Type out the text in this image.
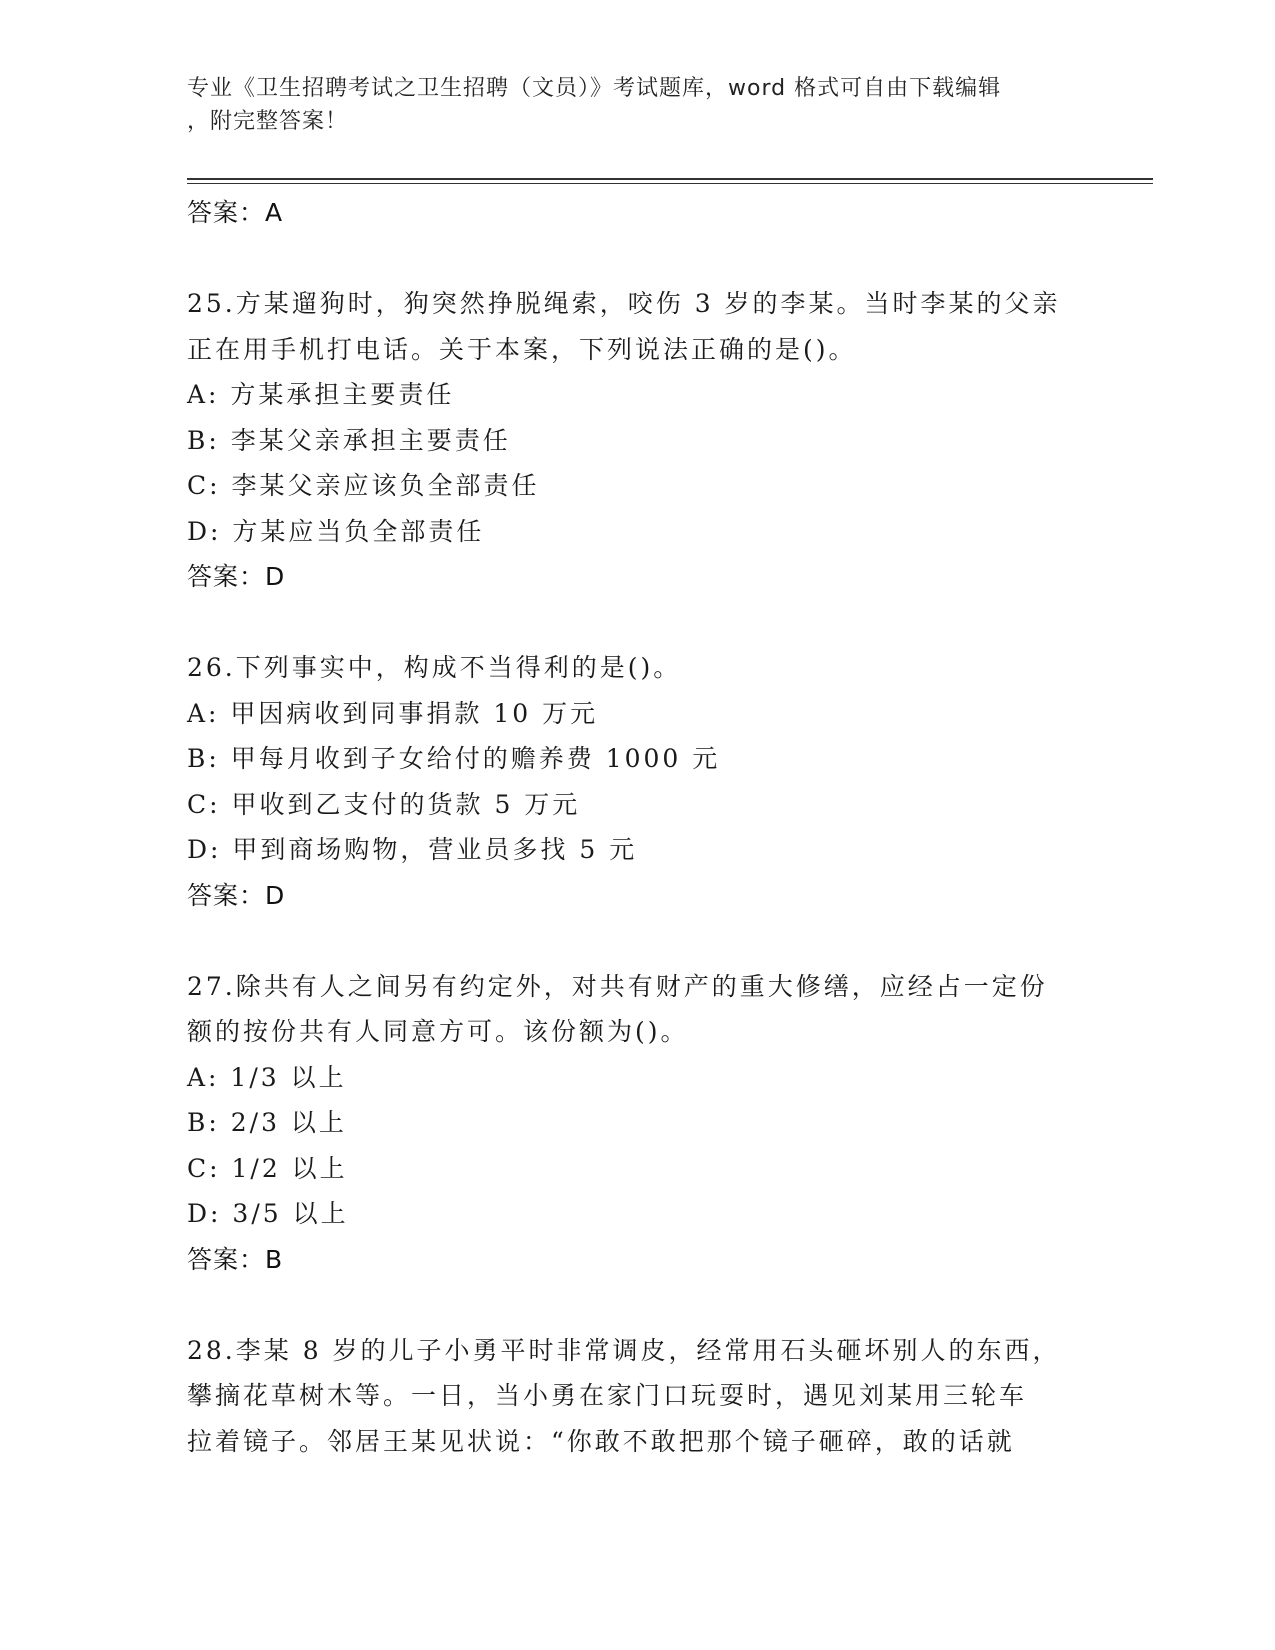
专业《卫生招聘考试之卫生招聘（文员）》考试题库，word 格式可自由下载编辑
，附完整答案！
答案：A
25.方某遛狗时，狗突然挣脱绳索，咬伤 3 岁的李某。当时李某的父亲
正在用手机打电话。关于本案，下列说法正确的是()。
A: 方某承担主要责任
B: 李某父亲承担主要责任
C: 李某父亲应该负全部责任
D: 方某应当负全部责任
答案：D
26.下列事实中，构成不当得利的是()。
A: 甲因病收到同事捐款 10 万元
B: 甲每月收到子女给付的赡养费 1000 元
C: 甲收到乙支付的货款 5 万元
D: 甲到商场购物，营业员多找 5 元
答案：D
27.除共有人之间另有约定外，对共有财产的重大修缮，应经占一定份
额的按份共有人同意方可。该份额为()。
A: 1/3 以上
B: 2/3 以上
C: 1/2 以上
D: 3/5 以上
答案：B
28.李某 8 岁的儿子小勇平时非常调皮，经常用石头砸坏别人的东西，
攀摘花草树木等。一日，当小勇在家门口玩耍时，遇见刘某用三轮车
拉着镜子。邻居王某见状说：“你敢不敢把那个镜子砸碎，敢的话就
